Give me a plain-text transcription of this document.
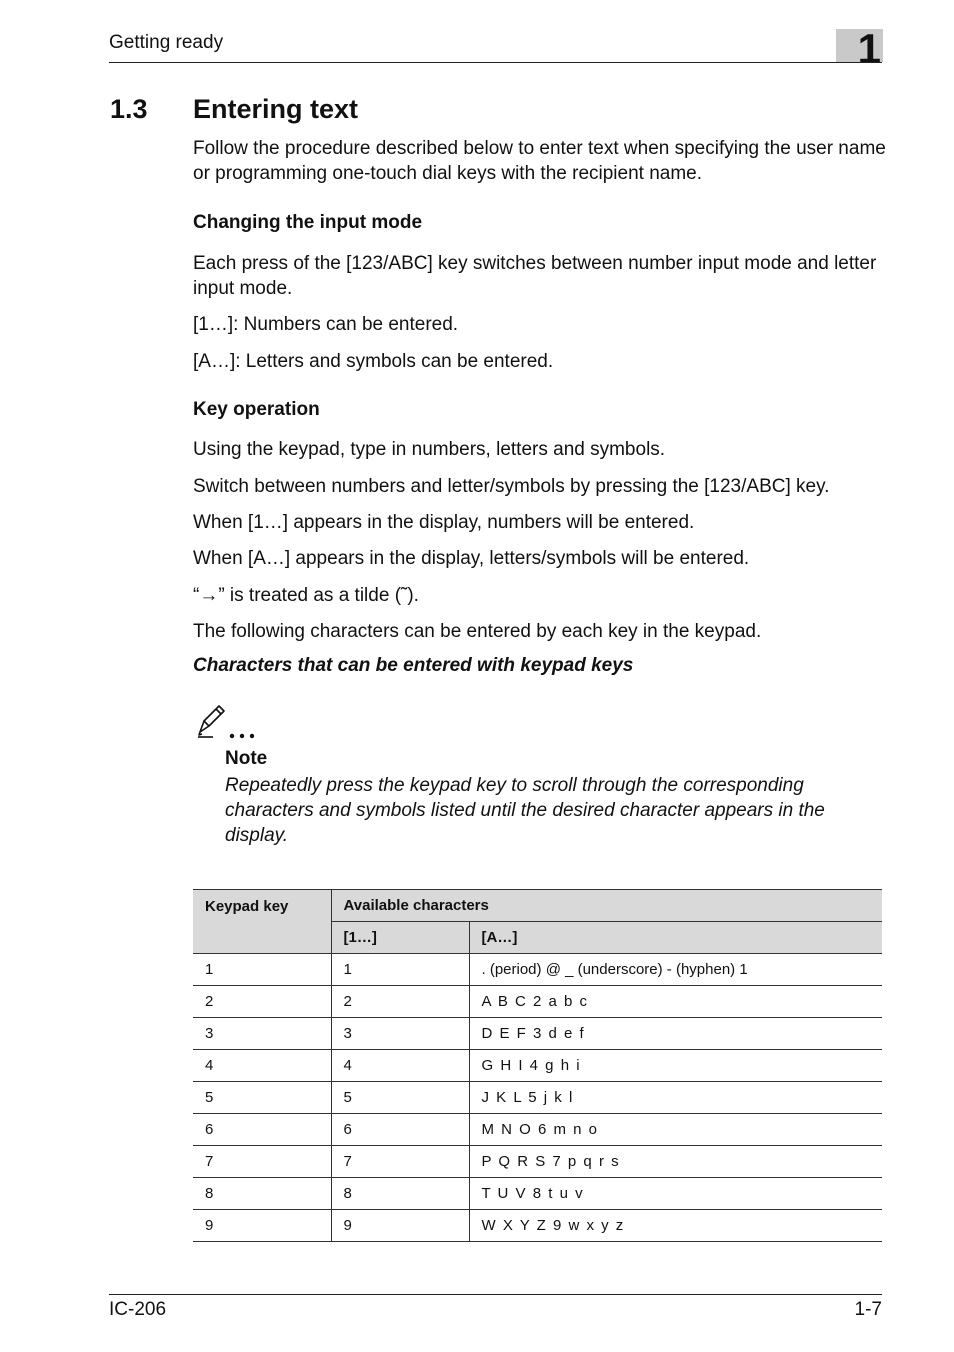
Getting ready	1
1.3 Entering text
Follow the procedure described below to enter text when specifying the user name or programming one-touch dial keys with the recipient name.
Changing the input mode
Each press of the [123/ABC] key switches between number input mode and letter input mode.
[1…]: Numbers can be entered.
[A…]: Letters and symbols can be entered.
Key operation
Using the keypad, type in numbers, letters and symbols.
Switch between numbers and letter/symbols by pressing the [123/ABC] key.
When [1…] appears in the display, numbers will be entered.
When [A…] appears in the display, letters/symbols will be entered.
“→” is treated as a tilde (˜).
The following characters can be entered by each key in the keypad.
Characters that can be entered with keypad keys
Note
Repeatedly press the keypad key to scroll through the corresponding characters and symbols listed until the desired character appears in the display.
Keypad key	Available characters	
	[1…]	[A…]
1	1	. (period) @ _ (underscore) - (hyphen) 1
2	2	A B C 2 a b c
3	3	D E F 3 d e f
4	4	G H I 4 g h i
5	5	J K L 5 j k l
6	6	M N O 6 m n o
7	7	P Q R S 7 p q r s
8	8	T U V 8 t u v
9	9	W X Y Z 9 w x y z
IC-206	1-7
